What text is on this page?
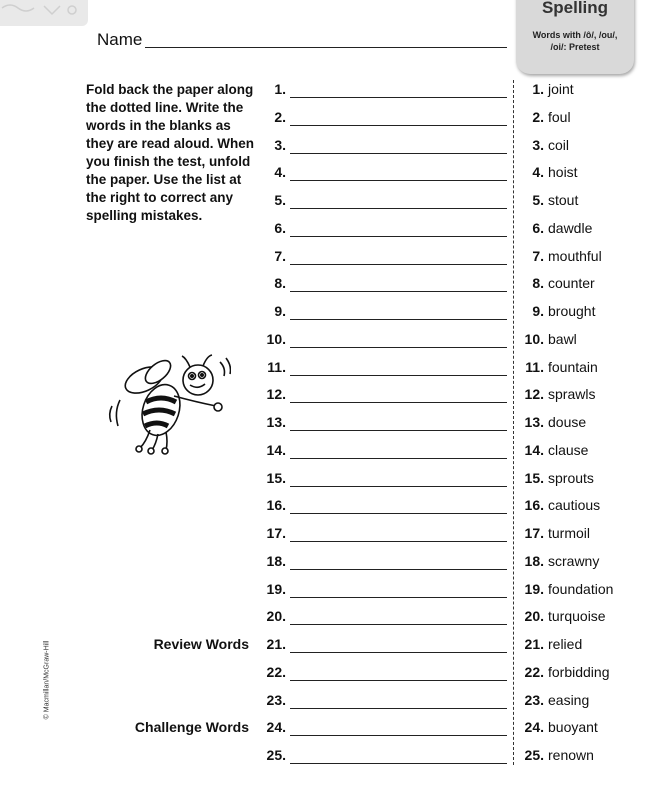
Spelling
Words with /ô/, /ou/, /oi/: Pretest
Name

Fold back the paper along the dotted line. Write the words in the blanks as they are read aloud. When you finish the test, unfold the paper. Use the list at the right to correct any spelling mistakes.

1.	1. joint
2.	2. foul
3.	3. coil
4.	4. hoist
5.	5. stout
6.	6. dawdle
7.	7. mouthful
8.	8. counter
9.	9. brought
10.	10. bawl
11.	11. fountain
12.	12. sprawls
13.	13. douse
14.	14. clause
15.	15. sprouts
16.	16. cautious
17.	17. turmoil
18.	18. scrawny
19.	19. foundation
20.	20. turquoise
Review Words 21.	21. relied
22.	22. forbidding
23.	23. easing
Challenge Words 24.	24. buoyant
25.	25. renown
© Macmillan/McGraw-Hill
